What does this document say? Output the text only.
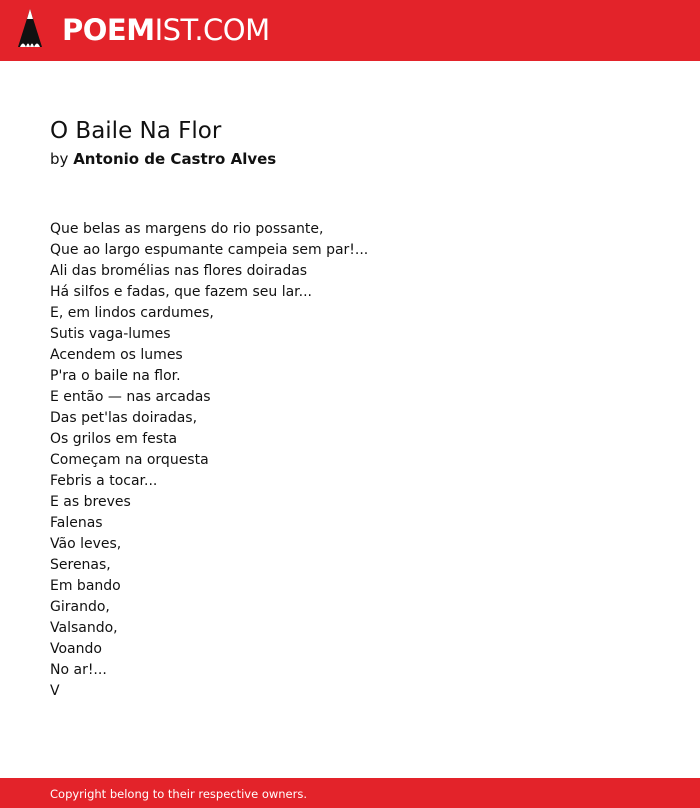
POEMIST.COM
O Baile Na Flor
by Antonio de Castro Alves
Que belas as margens do rio possante,
Que ao largo espumante campeia sem par!...
Ali das bromélias nas flores doiradas
Há silfos e fadas, que fazem seu lar...
E, em lindos cardumes,
Sutis vaga-lumes
Acendem os lumes
P'ra o baile na flor.
E então — nas arcadas
Das pet'las doiradas,
Os grilos em festa
Começam na orquesta
Febris a tocar...
E as breves
Falenas
Vão leves,
Serenas,
Em bando
Girando,
Valsando,
Voando
No ar!...
V
Copyright belong to their respective owners.
